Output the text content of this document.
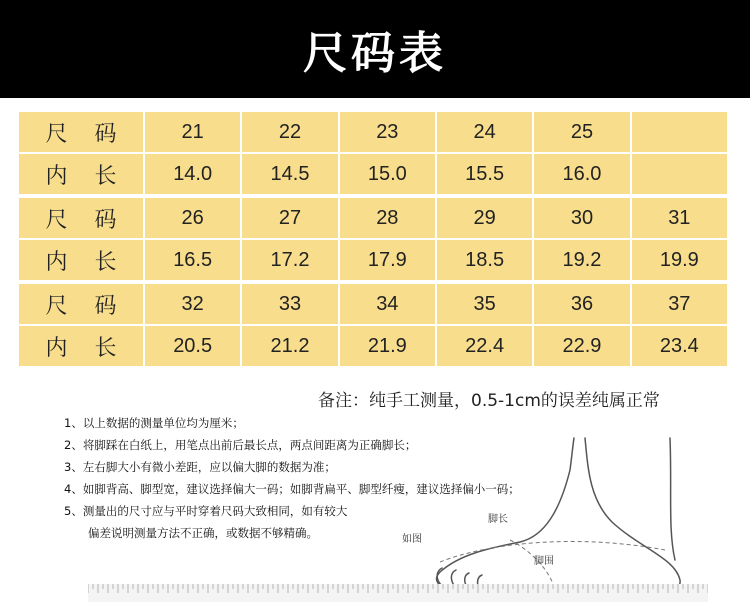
尺码表
尺 码	21	22	23	24	25	
内 长	14.0	14.5	15.0	15.5	16.0	
尺 码	26	27	28	29	30	31
内 长	16.5	17.2	17.9	18.5	19.2	19.9
尺 码	32	33	34	35	36	37
内 长	20.5	21.2	21.9	22.4	22.9	23.4
备注：纯手工测量，0.5-1cm的误差纯属正常
1、以上数据的测量单位均为厘米；
2、将脚踩在白纸上，用笔点出前后最长点，两点间距离为正确脚长；
3、左右脚大小有微小差距，应以偏大脚的数据为准；
4、如脚背高、脚型宽，建议选择偏大一码；如脚背扁平、脚型纤瘦，建议选择偏小一码；
5、测量出的尺寸应与平时穿着尺码大致相同，如有较大
偏差说明测量方法不正确，或数据不够精确。
脚长
如图
脚围
